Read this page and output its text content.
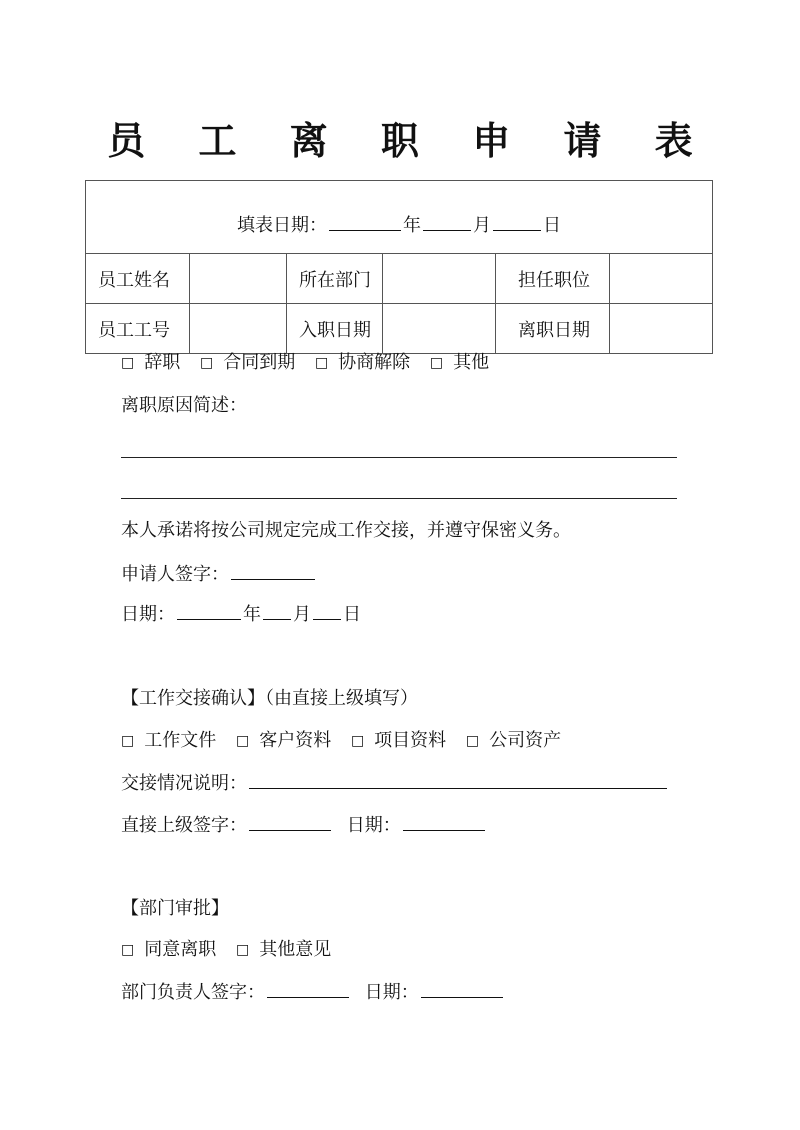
员 工 离 职 申 请 表
填表日期： 年 月 日					
员工姓名		所在部门		担任职位	
员工工号		入职日期		离职日期	
□ 辞职 □ 合同到期 □ 协商解除 □ 其他
离职原因简述：
本人承诺将按公司规定完成工作交接，并遵守保密义务。
申请人签字：
日期：	年 月 日
【工作交接确认】（由直接上级填写）
□ 工作文件 □ 客户资料 □ 项目资料 □ 公司资产
交接情况说明：
直接上级签字：	日期：
【部门审批】
□ 同意离职 □ 其他意见
部门负责人签字：	日期：
